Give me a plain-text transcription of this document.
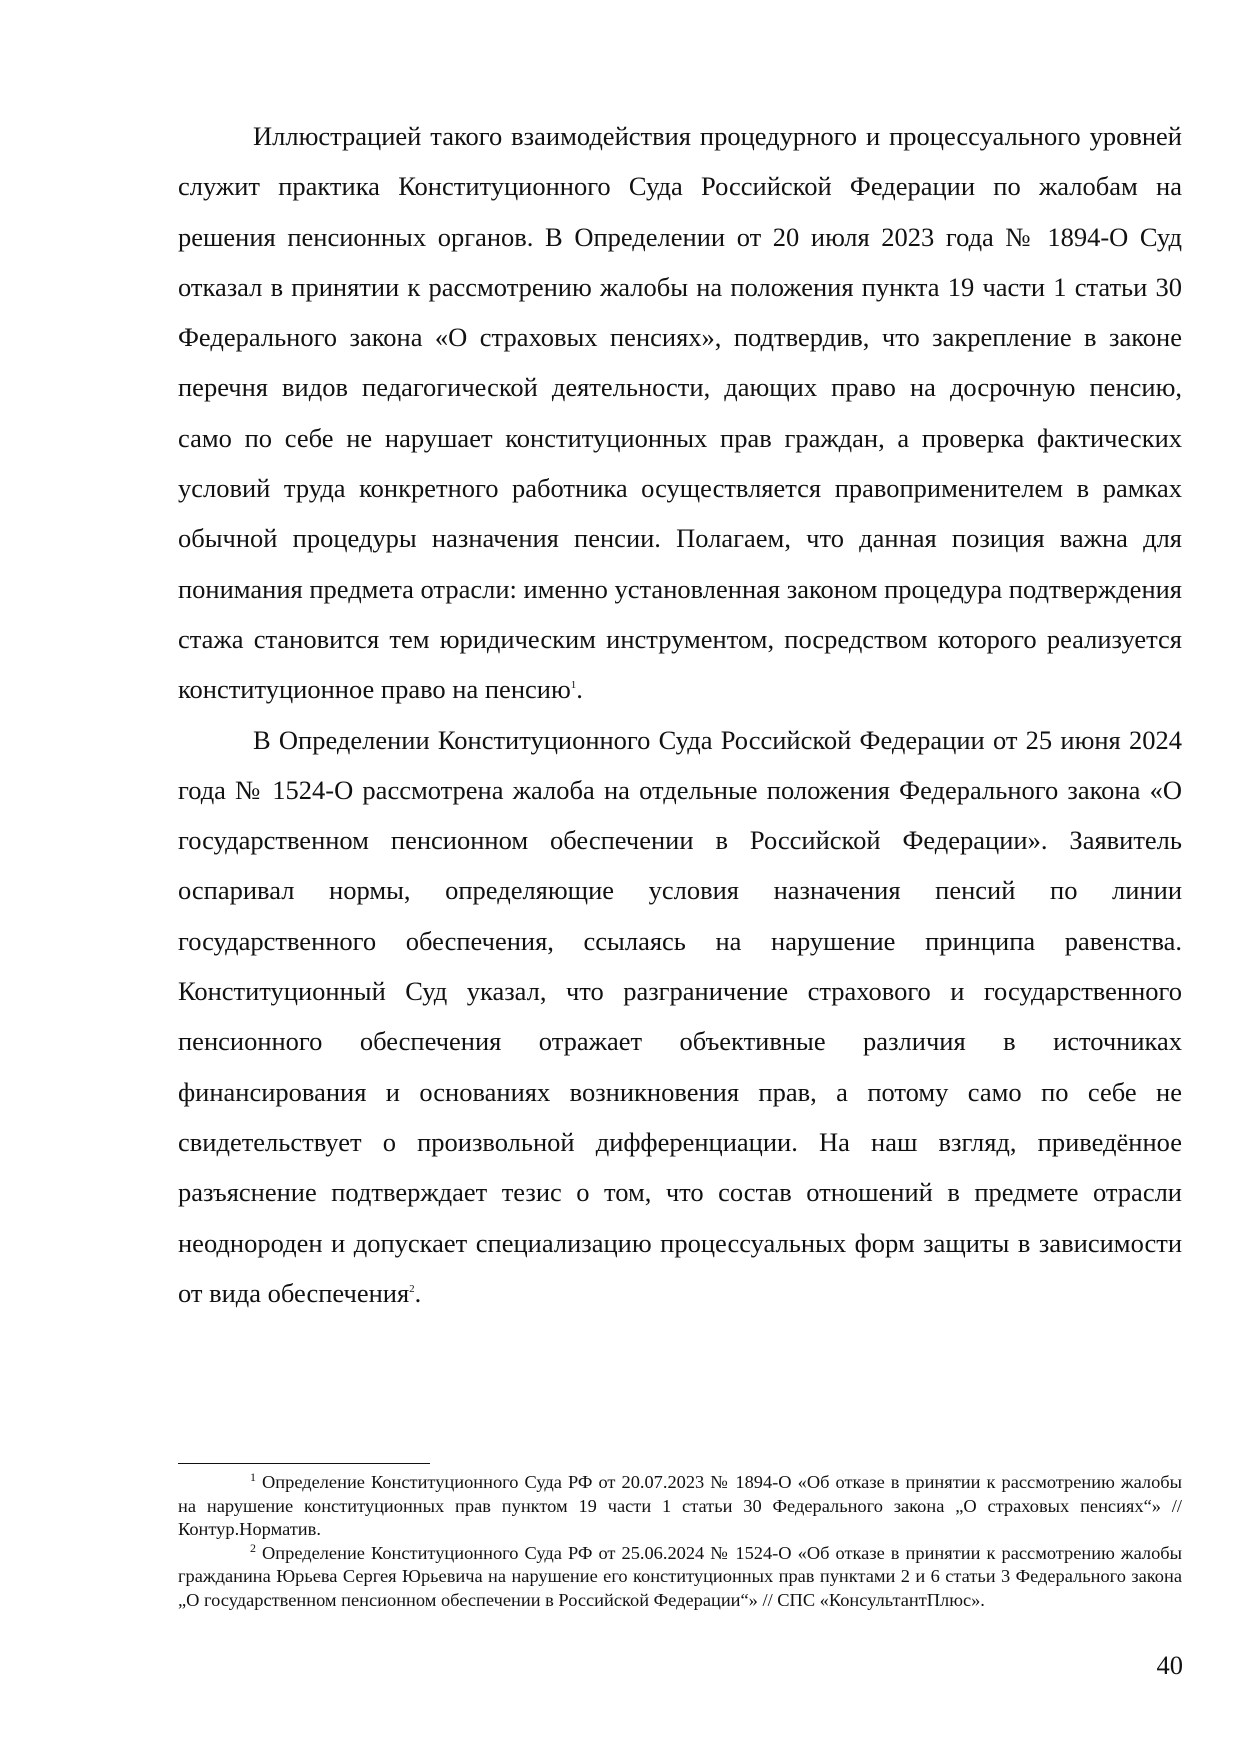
Иллюстрацией такого взаимодействия процедурного и процессуального уровней служит практика Конституционного Суда Российской Федерации по жалобам на решения пенсионных органов. В Определении от 20 июля 2023 года № 1894-О Суд отказал в принятии к рассмотрению жалобы на положения пункта 19 части 1 статьи 30 Федерального закона «О страховых пенсиях», подтвердив, что закрепление в законе перечня видов педагогической деятельности, дающих право на досрочную пенсию, само по себе не нарушает конституционных прав граждан, а проверка фактических условий труда конкретного работника осуществляется правоприменителем в рамках обычной процедуры назначения пенсии. Полагаем, что данная позиция важна для понимания предмета отрасли: именно установленная законом процедура подтверждения стажа становится тем юридическим инструментом, посредством которого реализуется конституционное право на пенсию$^1$.

В Определении Конституционного Суда Российской Федерации от 25 июня 2024 года № 1524-О рассмотрена жалоба на отдельные положения Федерального закона «О государственном пенсионном обеспечении в Российской Федерации». Заявитель оспаривал нормы, определяющие условия назначения пенсий по линии государственного обеспечения, ссылаясь на нарушение принципа равенства. Конституционный Суд указал, что разграничение страхового и государственного пенсионного обеспечения отражает объективные различия в источниках финансирования и основаниях возникновения прав, а потому само по себе не свидетельствует о произвольной дифференциации. На наш взгляд, приведённое разъяснение подтверждает тезис о том, что состав отношений в предмете отрасли неоднороден и допускает специализацию процессуальных форм защиты в зависимости от вида обеспечения$^2$.

$^1$ Определение Конституционного Суда РФ от 20.07.2023 № 1894-О «Об отказе в принятии к рассмотрению жалобы на нарушение конституционных прав пунктом 19 части 1 статьи 30 Федерального закона „О страховых пенсиях“» // Контур.Норматив.

$^2$ Определение Конституционного Суда РФ от 25.06.2024 № 1524-О «Об отказе в принятии к рассмотрению жалобы гражданина Юрьева Сергея Юрьевича на нарушение его конституционных прав пунктами 2 и 6 статьи 3 Федерального закона „О государственном пенсионном обеспечении в Российской Федерации“» // СПС «КонсультантПлюс».

40
